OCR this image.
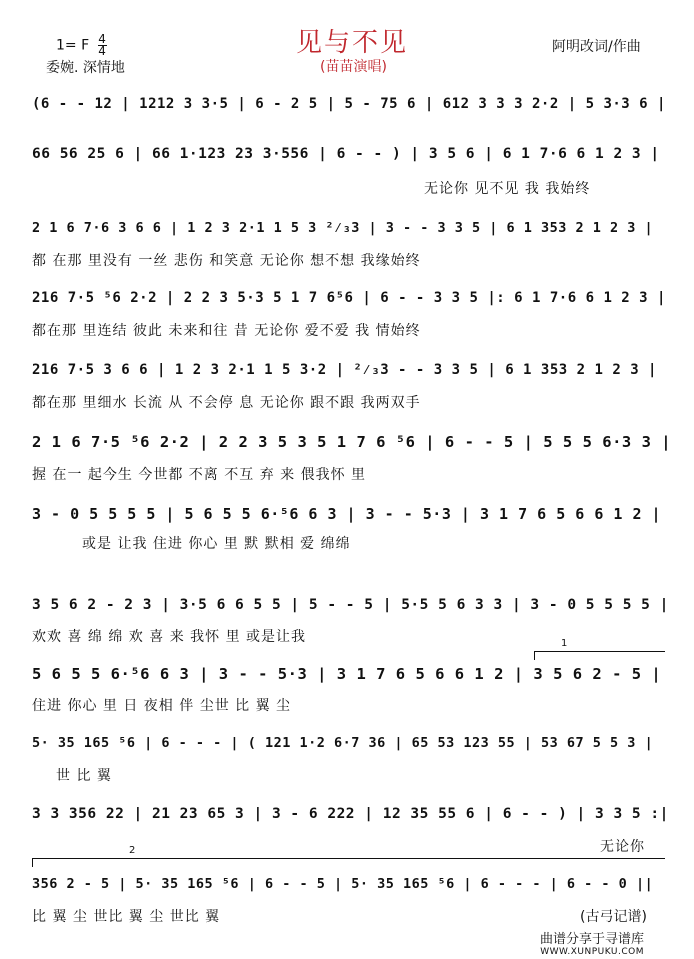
1= F $\frac{4}{4}$	见与不见	阿明改词/作曲
委婉. 深情地	(苗苗演唱)
(6 - - 12 | 1212 3 3·5 | 6 - 2 5 | 5 - 75 6 | 612 3 3 3 2·2 | 5 3·3 6 |
66 56 25 6 | 66 1·123 23 3·556 | 6 - - ) | 3 5 6 | 6 1 7·6 6 1 2 3 |
无论你 见不见 我 我始终
2 1 6 7·6 3 6 6 | 1 2 3 2·1 1 5 3 ²⁄₃3 | 3 - - 3 3 5 | 6 1 353 2 1 2 3 |
都 在那 里没有 一丝 悲伤 和笑意 无论你 想不想 我缘始终
216 7·5 ⁵6 2·2 | 2 2 3 5·3 5 1 7 6⁵6 | 6 - - 3 3 5 |: 6 1 7·6 6 1 2 3 |
都在那 里连结 彼此 未来和往 昔 无论你 爱不爱 我 情始终
216 7·5 3 6 6 | 1 2 3 2·1 1 5 3·2 | ²⁄₃3 - - 3 3 5 | 6 1 353 2 1 2 3 |
都在那 里细水 长流 从 不会停 息 无论你 跟不跟 我两双手
2 1 6 7·5 ⁵6 2·2 | 2 2 3 5 3 5 1 7 6 ⁵6 | 6 - - 5 | 5 5 5 6·3 3 |
握 在一 起今生 今世都 不离 不互 弃 来 偎我怀 里
3 - 0 5 5 5 5 | 5 6 5 5 6·⁵6 6 3 | 3 - - 5·3 | 3 1 7 6 5 6 6 1 2 |
或是 让我 住进 你心 里 默 默相 爱 绵绵
3 5 6 2 - 2 3 | 3·5 6 6 5 5 | 5 - - 5 | 5·5 5 6 3 3 | 3 - 0 5 5 5 5 |
欢欢 喜 绵 绵 欢 喜 来 我怀 里 或是让我	1
5 6 5 5 6·⁵6 6 3 | 3 - - 5·3 | 3 1 7 6 5 6 6 1 2 | 3 5 6 2 - 5 |
住进 你心 里 日 夜相 伴 尘世 比 翼 尘
5· 35 165 ⁵6 | 6 - - - | ( 121 1·2 6·7 36 | 65 53 123 55 | 53 67 5 5 3 |
世 比 翼
3 3 356 22 | 21 23 65 3 | 3 - 6 222 | 12 35 55 6 | 6 - - ) | 3 3 5 :|
无论你
2
356 2 - 5 | 5· 35 165 ⁵6 | 6 - - 5 | 5· 35 165 ⁵6 | 6 - - - | 6 - - 0 ||
比 翼 尘 世比 翼 尘 世比 翼	(古弓记谱)
曲谱分享于寻谱库
WWW.XUNPUKU.COM
